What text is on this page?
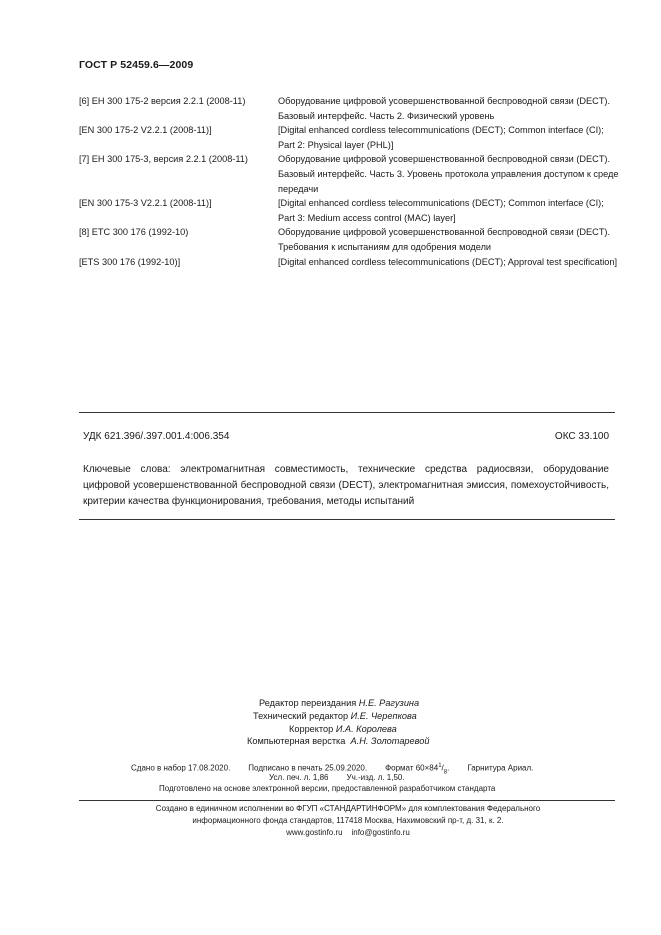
ГОСТ Р 52459.6—2009
[6] ЕН 300 175-2 версия 2.2.1 (2008-11)	Оборудование цифровой усовершенствованной беспроводной связи (DECT). Базовый интерфейс. Часть 2. Физический уровень
[EN 300 175-2 V2.2.1 (2008-11)]	[Digital enhanced cordless telecommunications (DECT); Common interface (CI); Part 2: Physical layer (PHL)]
[7] ЕН 300 175-3, версия 2.2.1 (2008-11)	Оборудование цифровой усовершенствованной беспроводной связи (DECT). Базовый интерфейс. Часть 3. Уровень протокола управления доступом к среде передачи
[EN 300 175-3 V2.2.1 (2008-11)]	[Digital enhanced cordless telecommunications (DECT); Common interface (CI); Part 3: Medium access control (MAC) layer]
[8] ЕТС 300 176 (1992-10)	Оборудование цифровой усовершенствованной беспроводной связи (DECT). Требования к испытаниям для одобрения модели
[ETS 300 176 (1992-10)]	[Digital enhanced cordless telecommunications (DECT); Approval test specification]
УДК 621.396/.397.001.4:006.354	ОКС 33.100
Ключевые слова: электромагнитная совместимость, технические средства радиосвязи, оборудование цифровой усовершенствованной беспроводной связи (DECT), электромагнитная эмиссия, помехоустойчивость, критерии качества функционирования, требования, методы испытаний
Редактор переиздания Н.Е. Рагузина
Технический редактор И.Е. Черепкова
Корректор И.А. Королева
Компьютерная верстка А.Н. Золотаревой
Сдано в набор 17.08.2020. Подписано в печать 25.09.2020. Формат $60\times 84^1/_8$. Гарнитура Ариал.
Усл. печ. л. 1,86 Уч.-изд. л. 1,50.
Подготовлено на основе электронной версии, предоставленной разработчиком стандарта
Создано в единичном исполнении во ФГУП «СТАНДАРТИНФОРМ» для комплектования Федерального
информационного фонда стандартов, 117418 Москва, Нахимовский пр-т, д. 31, к. 2.
www.gostinfo.ru info@gostinfo.ru
